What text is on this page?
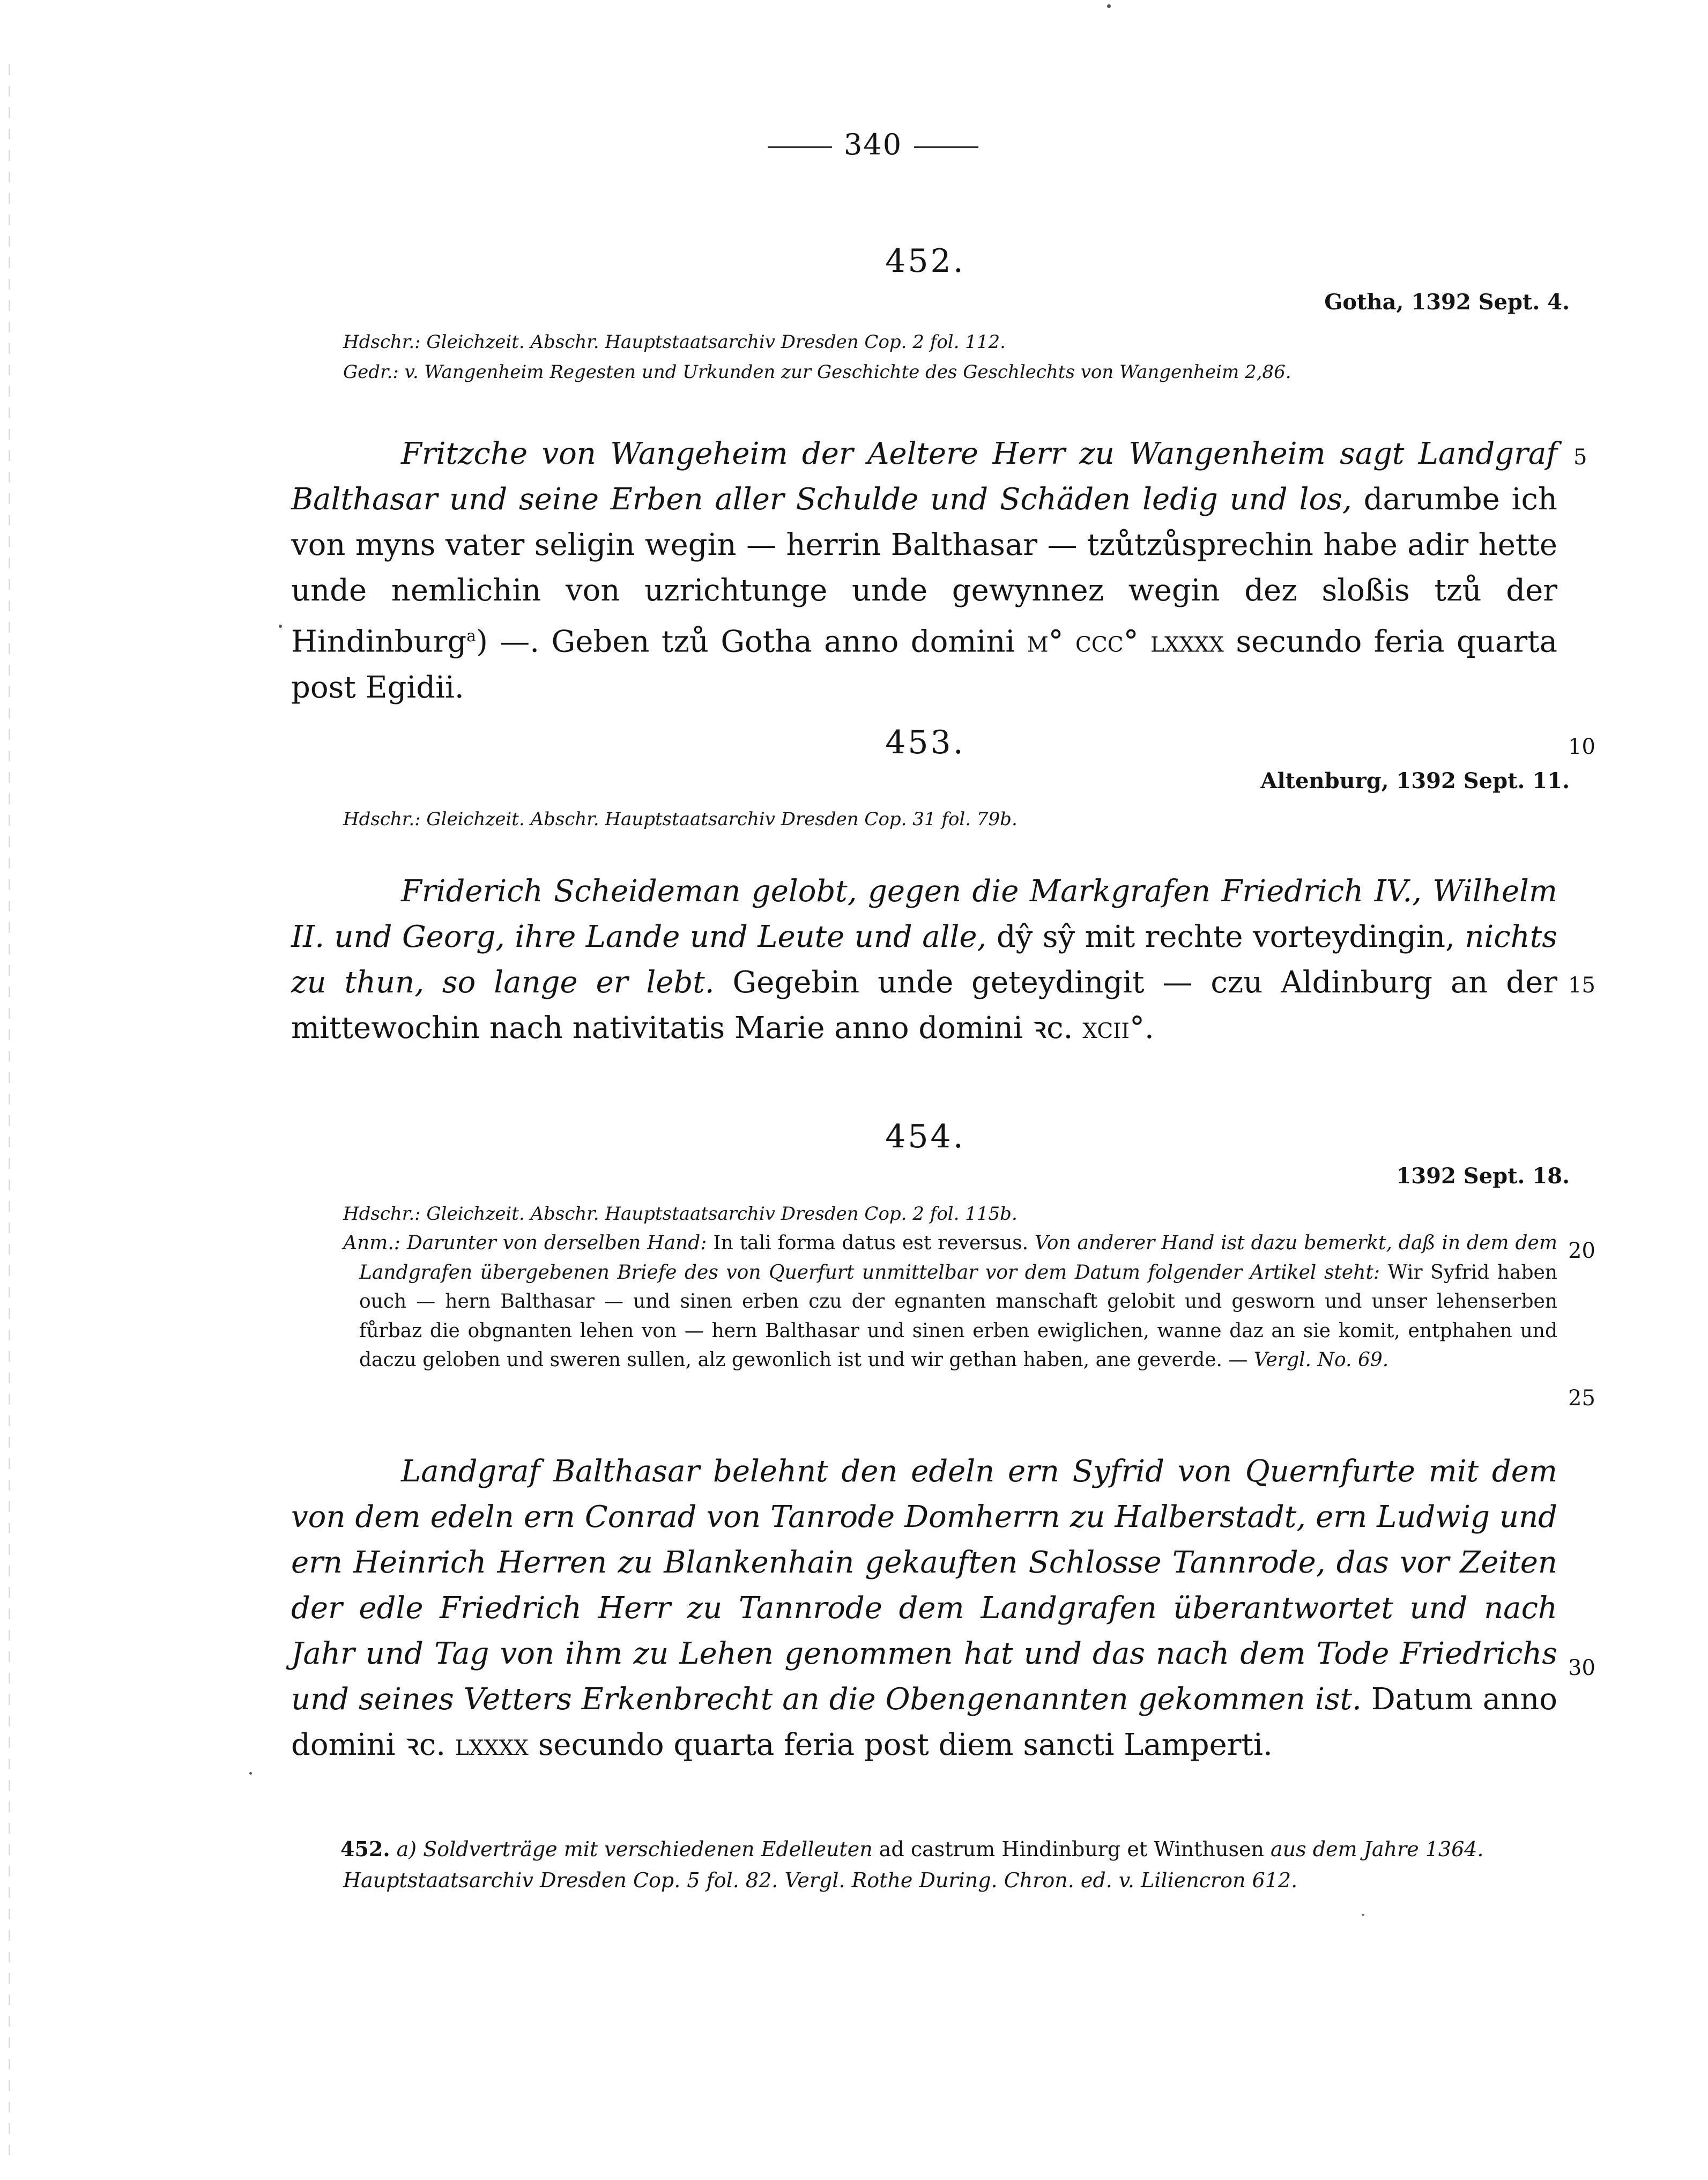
340
452.
Gotha, 1392 Sept. 4.
Hdschr.: Gleichzeit. Abschr. Hauptstaatsarchiv Dresden Cop. 2 fol. 112.
Gedr.: v. Wangenheim Regesten und Urkunden zur Geschichte des Geschlechts von Wangenheim 2,86.
Fritzche von Wangeheim der Aeltere Herr zu Wangenheim sagt Landgraf Balthasar und seine Erben aller Schulde und Schäden ledig und los, darumbe ich von myns vater seligin wegin — herrin Balthasar — tzůtzůsprechin habe adir hette unde nemlichin von uzrichtunge unde gewynnez wegin dez sloßis tzů der Hindinburg$^a$) —. Geben tzů Gotha anno domini m° ccc° lxxxx secundo feria quarta post Egidii.
453.
Altenburg, 1392 Sept. 11.
Hdschr.: Gleichzeit. Abschr. Hauptstaatsarchiv Dresden Cop. 31 fol. 79b.
Friderich Scheideman gelobt, gegen die Markgrafen Friedrich IV., Wilhelm II. und Georg, ihre Lande und Leute und alle, dŷ sŷ mit rechte vorteydingin, nichts zu thun, so lange er lebt. Gegebin unde geteydingit — czu Aldinburg an der mittewochin nach nativitatis Marie anno domini ꝛc. xcii°.
454.
1392 Sept. 18.
Hdschr.: Gleichzeit. Abschr. Hauptstaatsarchiv Dresden Cop. 2 fol. 115b.
Anm.: Darunter von derselben Hand: In tali forma datus est reversus. Von anderer Hand ist dazu bemerkt, daß in dem dem Landgrafen übergebenen Briefe des von Querfurt unmittelbar vor dem Datum folgender Artikel steht: Wir Syfrid haben ouch — hern Balthasar — und sinen erben czu der egnanten manschaft gelobit und gesworn und unser lehenserben fůrbaz die obgnanten lehen von — hern Balthasar und sinen erben ewiglichen, wanne daz an sie komit, entphahen und daczu geloben und sweren sullen, alz gewonlich ist und wir gethan haben, ane geverde. — Vergl. No. 69.
Landgraf Balthasar belehnt den edeln ern Syfrid von Quernfurte mit dem von dem edeln ern Conrad von Tanrode Domherrn zu Halberstadt, ern Ludwig und ern Heinrich Herren zu Blankenhain gekauften Schlosse Tannrode, das vor Zeiten der edle Friedrich Herr zu Tannrode dem Landgrafen überantwortet und nach Jahr und Tag von ihm zu Lehen genommen hat und das nach dem Tode Friedrichs und seines Vetters Erkenbrecht an die Obengenannten gekommen ist. Datum anno domini ꝛc. lxxxx secundo quarta feria post diem sancti Lamperti.
5
10
15
20
25
30
452. a) Soldverträge mit verschiedenen Edelleuten ad castrum Hindinburg et Winthusen aus dem Jahre 1364. Hauptstaatsarchiv Dresden Cop. 5 fol. 82. Vergl. Rothe During. Chron. ed. v. Liliencron 612.
